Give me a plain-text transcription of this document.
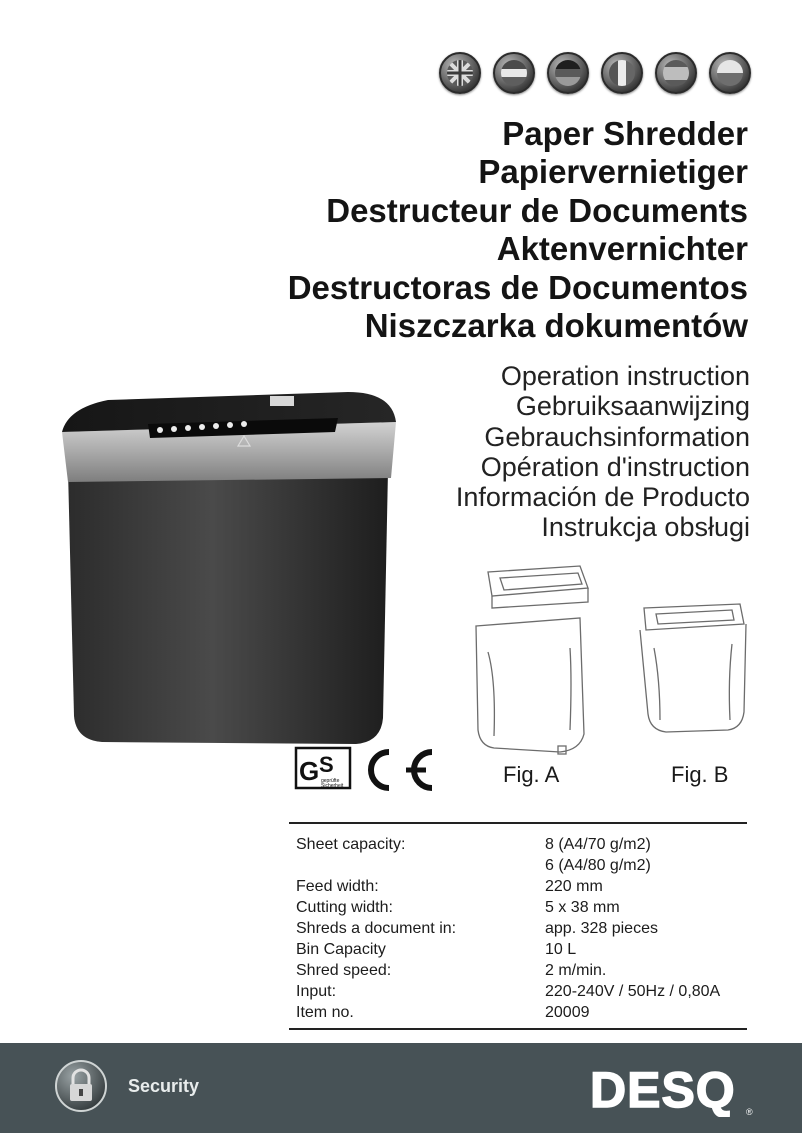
Paper Shredder
Papiervernietiger
Destructeur de Documents
Aktenvernichter
Destructoras de Documentos
Niszczarka dokumentów
Operation instruction
Gebruiksaanwijzing
Gebrauchsinformation
Opération d'instruction
Información de Producto
Instrukcja obsługi
G S
geprüfte
Sicherheit	Fig. A	Fig. B
Sheet capacity:	8 (A4/70 g/m2)
6 (A4/80 g/m2)
Feed width:	220 mm
Cutting width:	5 x 38 mm
Shreds a document in:	app. 328 pieces
Bin Capacity	10 L
Shred speed:	2 m/min.
Input:	220-240V / 50Hz / 0,80A
Item no.	20009
Security	DESQ ®
